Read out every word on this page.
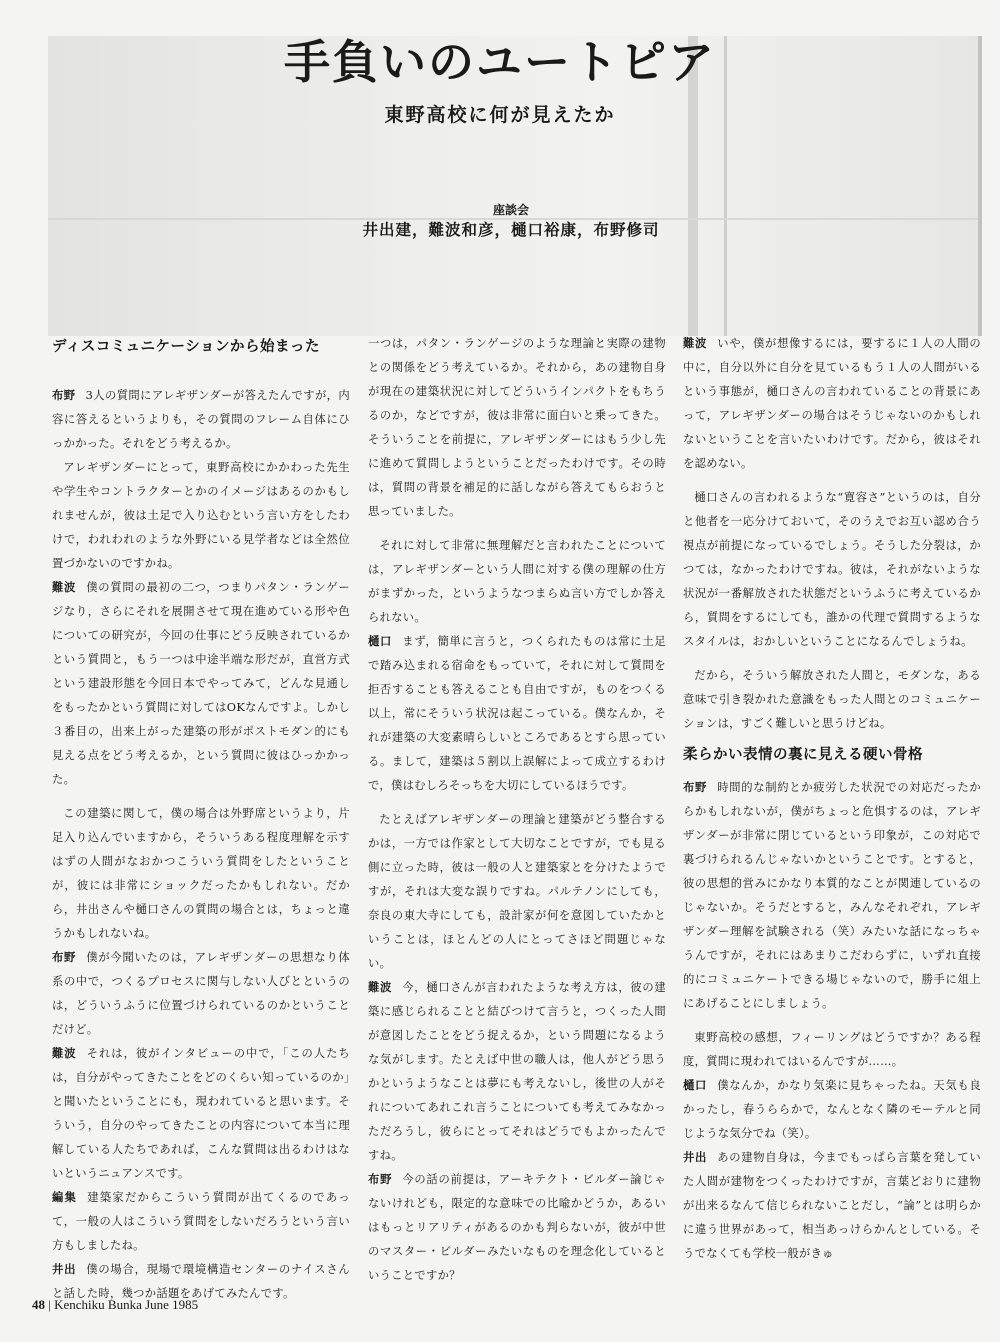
手負いのユートピア
東野高校に何が見えたか
座談会
井出建，難波和彦，樋口裕康，布野修司
ディスコミュニケーションから始まった

布野 3人の質問にアレギザンダーが答えたんですが，内容に答えるというよりも，その質問のフレーム自体にひっかかった。それをどう考えるか。

アレギザンダーにとって，東野高校にかかわった先生や学生やコントラクターとかのイメージはあるのかもしれませんが，彼は土足で入り込むという言い方をしたわけで，われわれのような外野にいる見学者などは全然位置づかないのですかね。

難波 僕の質問の最初の二つ，つまりパタン・ランゲージなり，さらにそれを展開させて現在進めている形や色についての研究が，今回の仕事にどう反映されているかという質問と，もう一つは中途半端な形だが，直営方式という建設形態を今回日本でやってみて，どんな見通しをもったかという質問に対してはOKなんですよ。しかし３番目の，出来上がった建築の形がポストモダン的にも見える点をどう考えるか，という質問に彼はひっかかった。

この建築に関して，僕の場合は外野席というより，片足入り込んでいますから，そういうある程度理解を示すはずの人間がなおかつこういう質問をしたということが，彼には非常にショックだったかもしれない。だから，井出さんや樋口さんの質問の場合とは，ちょっと違うかもしれないね。

布野 僕が今聞いたのは，アレギザンダーの思想なり体系の中で，つくるプロセスに関与しない人びとというのは，どういうふうに位置づけられているのかということだけど。

難波 それは，彼がインタビューの中で，「この人たちは，自分がやってきたことをどのくらい知っているのか」と聞いたということにも，現われていると思います。そういう，自分のやってきたことの内容について本当に理解している人たちであれば，こんな質問は出るわけはないというニュアンスです。

編集 建築家だからこういう質問が出てくるのであって，一般の人はこういう質問をしないだろうという言い方もしましたね。

井出 僕の場合，現場で環境構造センターのナイスさんと話した時，幾つか話題をあげてみたんです。

一つは，パタン・ランゲージのような理論と実際の建物との関係をどう考えているか。それから，あの建物自身が現在の建築状況に対してどういうインパクトをもちうるのか，などですが，彼は非常に面白いと乗ってきた。そういうことを前提に，アレギザンダーにはもう少し先に進めて質問しようということだったわけです。その時は，質問の背景を補足的に話しながら答えてもらおうと思っていました。

それに対して非常に無理解だと言われたことについては，アレギザンダーという人間に対する僕の理解の仕方がまずかった，というようなつまらぬ言い方でしか答えられない。

樋口 まず，簡単に言うと，つくられたものは常に土足で踏み込まれる宿命をもっていて，それに対して質問を拒否することも答えることも自由ですが，ものをつくる以上，常にそういう状況は起こっている。僕なんか，それが建築の大変素晴らしいところであるとすら思っている。まして，建築は５割以上誤解によって成立するわけで，僕はむしろそっちを大切にしているほうです。

たとえばアレギザンダーの理論と建築がどう整合するかは，一方では作家として大切なことですが，でも見る側に立った時，彼は一般の人と建築家とを分けたようですが，それは大変な誤りですね。パルテノンにしても，奈良の東大寺にしても，設計家が何を意図していたかということは，ほとんどの人にとってさほど問題じゃない。

難波 今，樋口さんが言われたような考え方は，彼の建築に感じられることと結びつけて言うと，つくった人間が意図したことをどう捉えるか，という問題になるような気がします。たとえば中世の職人は，他人がどう思うかというようなことは夢にも考えないし，後世の人がそれについてあれこれ言うことについても考えてみなかっただろうし，彼らにとってそれはどうでもよかったんですね。

布野 今の話の前提は，アーキテクト・ビルダー論じゃないけれども，限定的な意味での比喩かどうか，あるいはもっとリアリティがあるのかも判らないが，彼が中世のマスター・ビルダーみたいなものを理念化しているということですか？

難波 いや，僕が想像するには，要するに１人の人間の中に，自分以外に自分を見ているもう１人の人間がいるという事態が，樋口さんの言われていることの背景にあって，アレギザンダーの場合はそうじゃないのかもしれないということを言いたいわけです。だから，彼はそれを認めない。

樋口さんの言われるような“寛容さ”というのは，自分と他者を一応分けておいて，そのうえでお互い認め合う視点が前提になっているでしょう。そうした分裂は，かつては，なかったわけですね。彼は，それがないような状況が一番解放された状態だというふうに考えているから，質問をするにしても，誰かの代理で質問するようなスタイルは，おかしいということになるんでしょうね。

だから，そういう解放された人間と，モダンな，ある意味で引き裂かれた意識をもった人間とのコミュニケーションは，すごく難しいと思うけどね。

柔らかい表情の裏に見える硬い骨格

布野 時間的な制約とか疲労した状況での対応だったからかもしれないが，僕がちょっと危惧するのは，アレギザンダーが非常に閉じているという印象が，この対応で裏づけられるんじゃないかということです。とすると，彼の思想的営みにかなり本質的なことが関連しているのじゃないか。そうだとすると，みんなそれぞれ，アレギザンダー理解を試験される（笑）みたいな話になっちゃうんですが，それにはあまりこだわらずに，いずれ直接的にコミュニケートできる場じゃないので，勝手に俎上にあげることにしましょう。

東野高校の感想，フィーリングはどうですか？ある程度，質問に現われてはいるんですが……。

樋口 僕なんか，かなり気楽に見ちゃったね。天気も良かったし，春うららかで，なんとなく隣のモーテルと同じような気分でね（笑）。

井出 あの建物自身は，今までもっぱら言葉を発していた人間が建物をつくったわけですが，言葉どおりに建物が出来るなんて信じられないことだし，“論”とは明らかに違う世界があって，相当あっけらかんとしている。そうでなくても学校一般がきゅ

48 | Kenchiku Bunka June 1985
